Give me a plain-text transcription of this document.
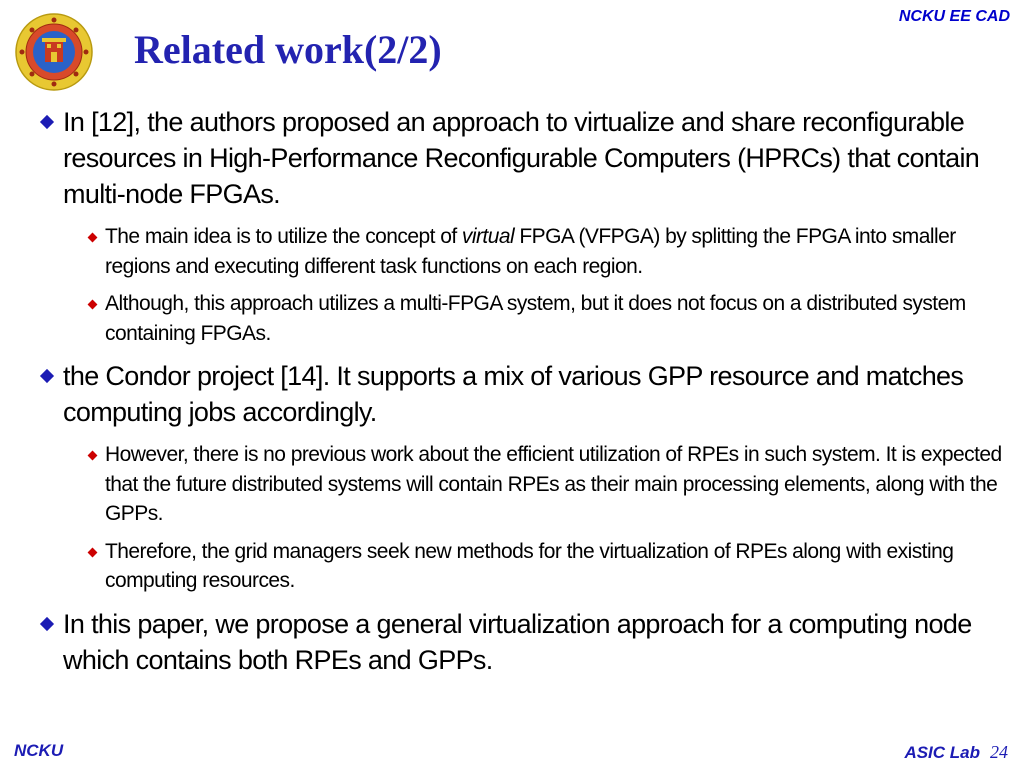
NCKU EE CAD
Related work(2/2)
In [12], the authors proposed an approach to virtualize and share reconfigurable resources in High-Performance Reconfigurable Computers (HPRCs) that contain multi-node FPGAs.
The main idea is to utilize the concept of virtual FPGA (VFPGA) by splitting the FPGA into smaller regions and executing different task functions on each region.
Although, this approach utilizes a multi-FPGA system, but it does not focus on a distributed system containing FPGAs.
the Condor project [14]. It supports a mix of various GPP resource and matches computing jobs accordingly.
However, there is no previous work about the efficient utilization of RPEs in such system. It is expected that the future distributed systems will contain RPEs as their main processing elements, along with the GPPs.
Therefore, the grid managers seek new methods for the virtualization of RPEs along with existing computing resources.
In this paper, we propose a general virtualization approach for a computing node which contains both RPEs and GPPs.
NCKU	ASIC Lab 24
